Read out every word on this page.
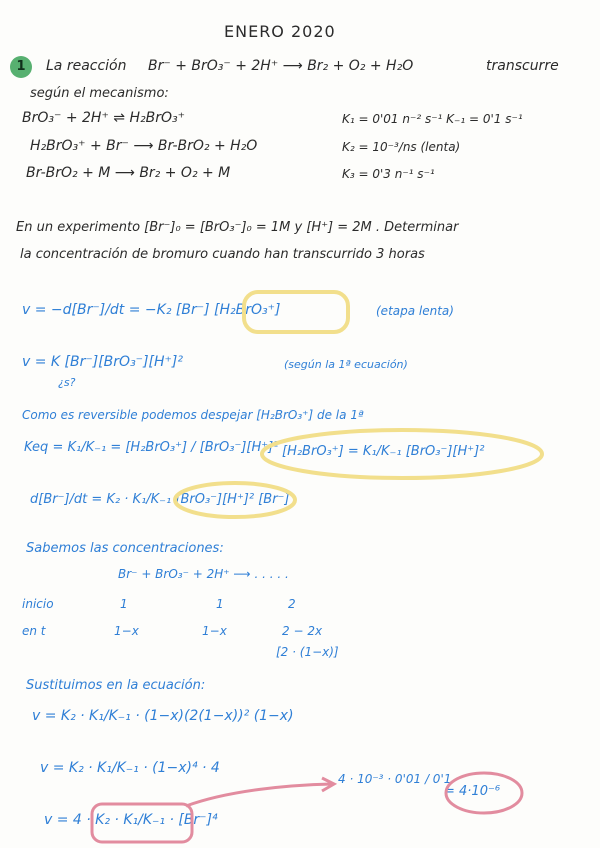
1

ENERO 2020

La reacción Br⁻ + BrO₃⁻ + 2H⁺ ⟶ Br₂ + O₂ + H₂O	transcurre

según el mecanismo:

BrO₃⁻ + 2H⁺ ⇌ H₂BrO₃⁺	K₁ = 0'01 n⁻² s⁻¹ K₋₁ = 0'1 s⁻¹

H₂BrO₃⁺ + Br⁻ ⟶ Br-BrO₂ + H₂O	K₂ = 10⁻³/ns (lenta)

Br-BrO₂ + M ⟶ Br₂ + O₂ + M	K₃ = 0'3 n⁻¹ s⁻¹

En un experimento [Br⁻]₀ = [BrO₃⁻]₀ = 1M y [H⁺] = 2M . Determinar

la concentración de bromuro cuando han transcurrido 3 horas

v = −d[Br⁻]/dt = −K₂ [Br⁻] [H₂BrO₃⁺]	(etapa lenta)

v = K [Br⁻][BrO₃⁻][H⁺]²	(según la 1ª ecuación)

¿s?

Como es reversible podemos despejar [H₂BrO₃⁺] de la 1ª

Keq = K₁/K₋₁ = [H₂BrO₃⁺] / [BrO₃⁻][H⁺]² [H₂BrO₃⁺] = K₁/K₋₁ [BrO₃⁻][H⁺]²

d[Br⁻]/dt = K₂ · K₁/K₋₁ [BrO₃⁻][H⁺]² [Br⁻]

Sabemos las concentraciones:

Br⁻ + BrO₃⁻ + 2H⁺ ⟶ . . . . .

inicio	1	1	2

en t	1−x	1−x	2 − 2x

[2 · (1−x)]

Sustituimos en la ecuación:

v = K₂ · K₁/K₋₁ · (1−x)(2(1−x))² (1−x)

v = K₂ · K₁/K₋₁ · (1−x)⁴ · 4

4 · 10⁻³ · 0'01 / 0'1

= 4·10⁻⁶

v = 4 · K₂ · K₁/K₋₁ · [Br⁻]⁴
